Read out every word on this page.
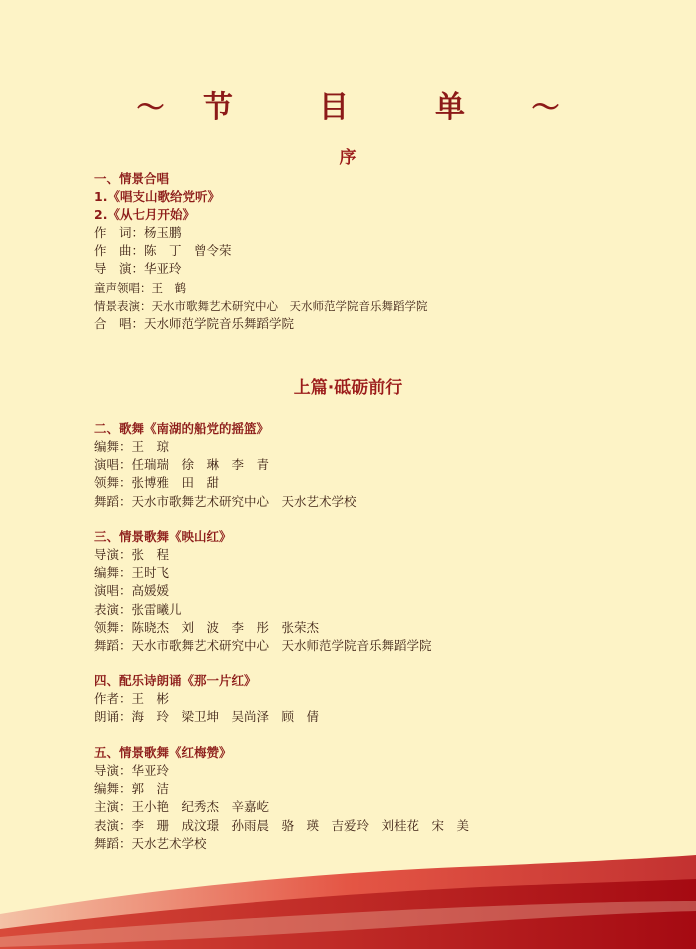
〜 节　目　单 〜
序
一、情景合唱
1.《唱支山歌给党听》
2.《从七月开始》
作　词：杨玉鹏
作　曲：陈　丁　曾令荣
导　演：华亚玲
童声领唱：王　鹤
情景表演：天水市歌舞艺术研究中心　天水师范学院音乐舞蹈学院
合　唱：天水师范学院音乐舞蹈学院
上篇·砥砺前行
二、歌舞《南湖的船党的摇篮》
编舞：王　琼
演唱：任瑞瑞　徐　琳　李　青
领舞：张博雅　田　甜
舞蹈：天水市歌舞艺术研究中心　天水艺术学校
三、情景歌舞《映山红》
导演：张　程
编舞：王时飞
演唱：高媛媛
表演：张雷曦儿
领舞：陈晓杰　刘　波　李　彤　张荣杰
舞蹈：天水市歌舞艺术研究中心　天水师范学院音乐舞蹈学院
四、配乐诗朗诵《那一片红》
作者：王　彬
朗诵：海　玲　梁卫坤　吴尚泽　顾　倩
五、情景歌舞《红梅赞》
导演：华亚玲
编舞：郭　洁
主演：王小艳　纪秀杰　辛嘉屹
表演：李　珊　成汶璟　孙雨晨　骆　瑛　吉爱玲　刘桂花　宋　美
舞蹈：天水艺术学校
